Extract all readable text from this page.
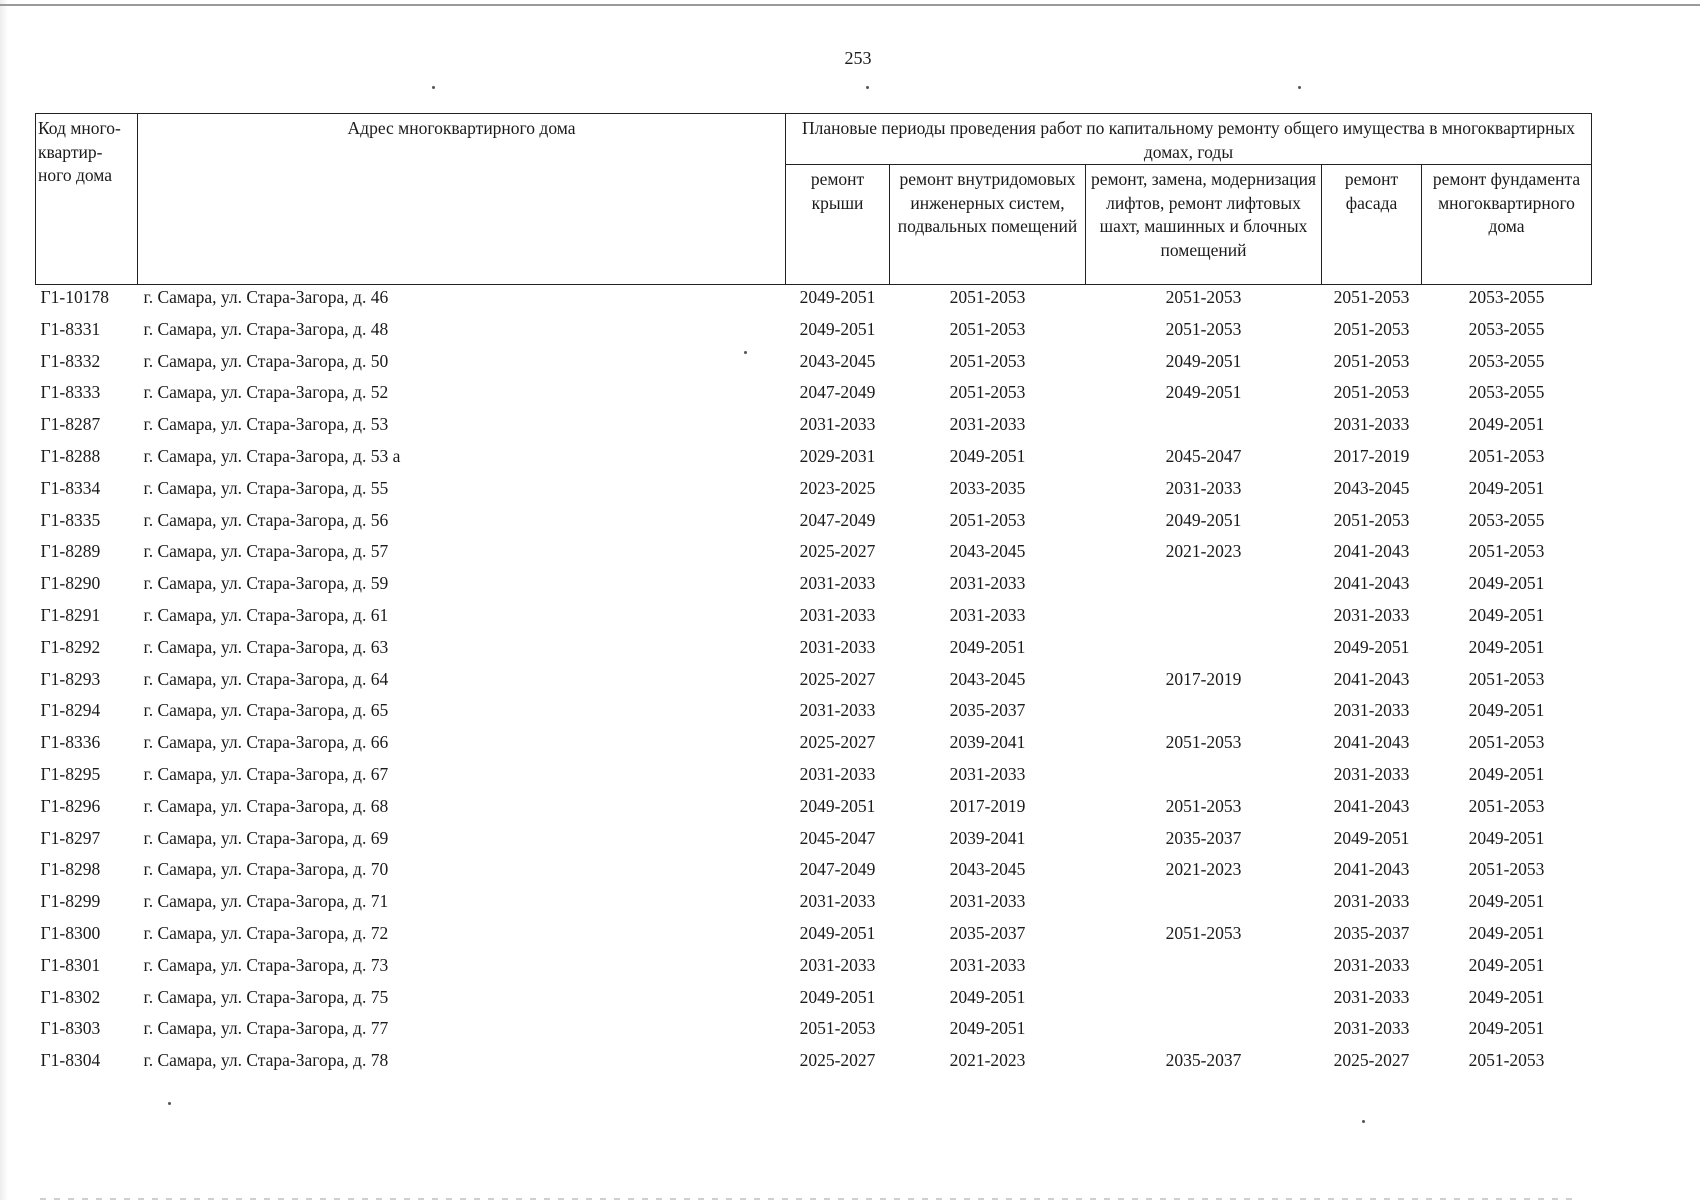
253
Код много-квартир-ного дома	Адрес многоквартирного дома	Плановые периоды проведения работ по капитальному ремонту общего имущества в многоквартирных домах, годы				
		ремонт крыши	ремонт внутридомовых инженерных систем, подвальных помещений	ремонт, замена, модернизация лифтов, ремонт лифтовых шахт, машинных и блочных помещений	ремонт фасада	ремонт фундамента многоквартирного дома
Г1-10178	г. Самара, ул. Стара-Загора, д. 46	2049-2051	2051-2053	2051-2053	2051-2053	2053-2055
Г1-8331	г. Самара, ул. Стара-Загора, д. 48	2049-2051	2051-2053	2051-2053	2051-2053	2053-2055
Г1-8332	г. Самара, ул. Стара-Загора, д. 50	2043-2045	2051-2053	2049-2051	2051-2053	2053-2055
Г1-8333	г. Самара, ул. Стара-Загора, д. 52	2047-2049	2051-2053	2049-2051	2051-2053	2053-2055
Г1-8287	г. Самара, ул. Стара-Загора, д. 53	2031-2033	2031-2033		2031-2033	2049-2051
Г1-8288	г. Самара, ул. Стара-Загора, д. 53 а	2029-2031	2049-2051	2045-2047	2017-2019	2051-2053
Г1-8334	г. Самара, ул. Стара-Загора, д. 55	2023-2025	2033-2035	2031-2033	2043-2045	2049-2051
Г1-8335	г. Самара, ул. Стара-Загора, д. 56	2047-2049	2051-2053	2049-2051	2051-2053	2053-2055
Г1-8289	г. Самара, ул. Стара-Загора, д. 57	2025-2027	2043-2045	2021-2023	2041-2043	2051-2053
Г1-8290	г. Самара, ул. Стара-Загора, д. 59	2031-2033	2031-2033		2041-2043	2049-2051
Г1-8291	г. Самара, ул. Стара-Загора, д. 61	2031-2033	2031-2033		2031-2033	2049-2051
Г1-8292	г. Самара, ул. Стара-Загора, д. 63	2031-2033	2049-2051		2049-2051	2049-2051
Г1-8293	г. Самара, ул. Стара-Загора, д. 64	2025-2027	2043-2045	2017-2019	2041-2043	2051-2053
Г1-8294	г. Самара, ул. Стара-Загора, д. 65	2031-2033	2035-2037		2031-2033	2049-2051
Г1-8336	г. Самара, ул. Стара-Загора, д. 66	2025-2027	2039-2041	2051-2053	2041-2043	2051-2053
Г1-8295	г. Самара, ул. Стара-Загора, д. 67	2031-2033	2031-2033		2031-2033	2049-2051
Г1-8296	г. Самара, ул. Стара-Загора, д. 68	2049-2051	2017-2019	2051-2053	2041-2043	2051-2053
Г1-8297	г. Самара, ул. Стара-Загора, д. 69	2045-2047	2039-2041	2035-2037	2049-2051	2049-2051
Г1-8298	г. Самара, ул. Стара-Загора, д. 70	2047-2049	2043-2045	2021-2023	2041-2043	2051-2053
Г1-8299	г. Самара, ул. Стара-Загора, д. 71	2031-2033	2031-2033		2031-2033	2049-2051
Г1-8300	г. Самара, ул. Стара-Загора, д. 72	2049-2051	2035-2037	2051-2053	2035-2037	2049-2051
Г1-8301	г. Самара, ул. Стара-Загора, д. 73	2031-2033	2031-2033		2031-2033	2049-2051
Г1-8302	г. Самара, ул. Стара-Загора, д. 75	2049-2051	2049-2051		2031-2033	2049-2051
Г1-8303	г. Самара, ул. Стара-Загора, д. 77	2051-2053	2049-2051		2031-2033	2049-2051
Г1-8304	г. Самара, ул. Стара-Загора, д. 78	2025-2027	2021-2023	2035-2037	2025-2027	2051-2053
